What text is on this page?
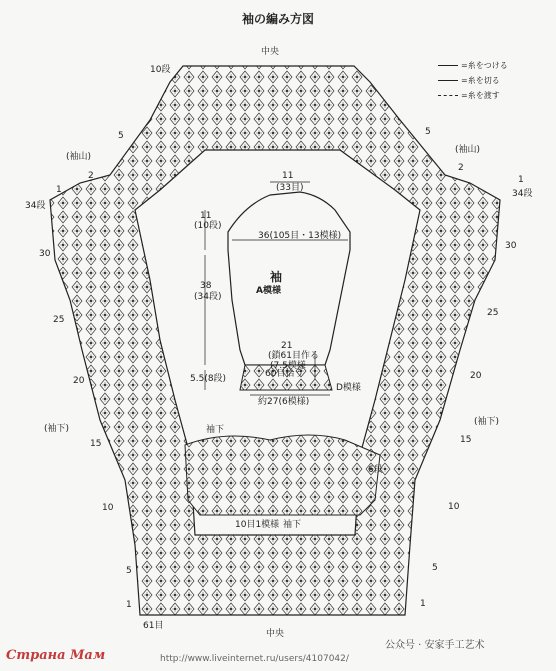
袖の編み方図
=糸をつける
=糸を切る
=糸を渡す
中央
10段
(袖山)
(袖山)
34段
34段
(袖下)
(袖下)
袖下
袖下
6段
10目1模様
5
2
1
30
25
20
15
10
5
1
5
2
1
30
25
20
15
10
5
1
61目
中央
11
(33目)
36(105目・13模様)
11
(10段)
38
(34段)
5.5(8段)
袖
A模様
21
(鎖61目
(7.5模様
作る
60目拾う
D模様
約27(6模様)
Страна Мам
公众号 · 安家手工艺术
http://www.liveinternet.ru/users/4107042/
